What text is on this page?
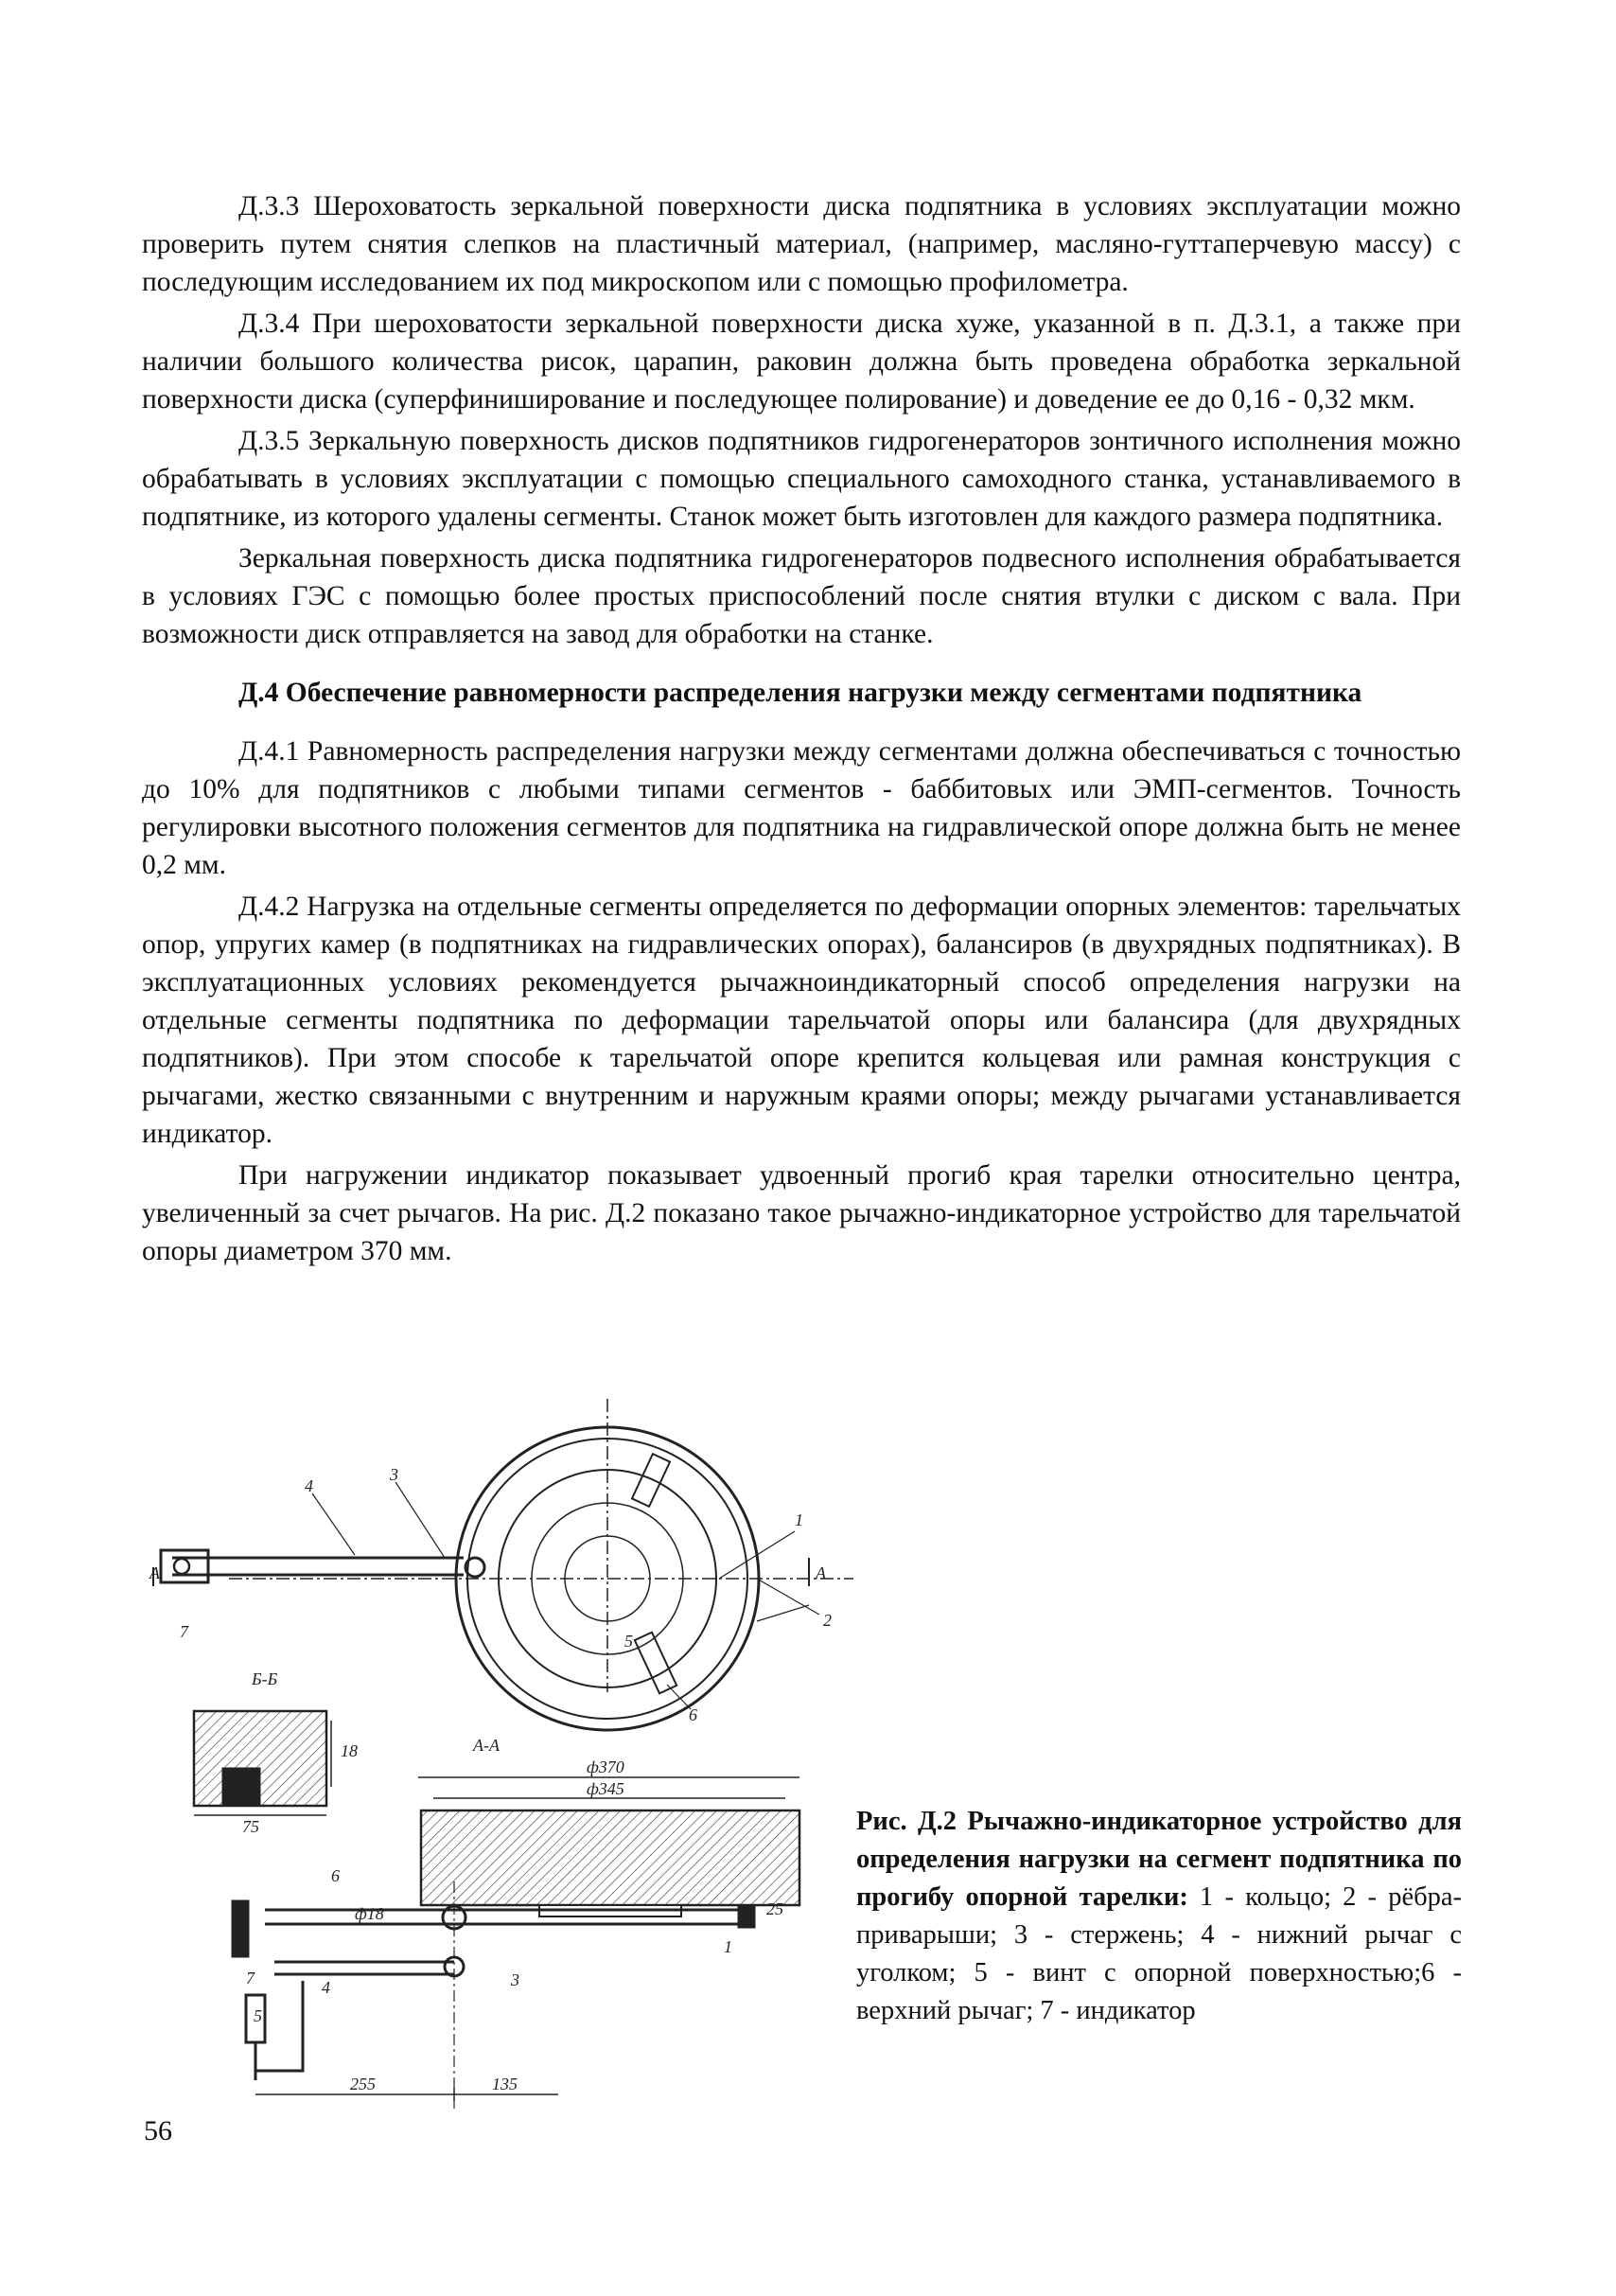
Д.3.3 Шероховатость зеркальной поверхности диска подпятника в условиях эксплуатации можно проверить путем снятия слепков на пластичный материал, (например, масляно-гуттаперчевую массу) с последующим исследованием их под микроскопом или с помощью профилометра.

Д.3.4 При шероховатости зеркальной поверхности диска хуже, указанной в п. Д.3.1, а также при наличии большого количества рисок, царапин, раковин должна быть проведена обработка зеркальной поверхности диска (суперфиниширование и последующее полирование) и доведение ее до 0,16 - 0,32 мкм.

Д.3.5 Зеркальную поверхность дисков подпятников гидрогенераторов зонтичного исполнения можно обрабатывать в условиях эксплуатации с помощью специального самоходного станка, устанавливаемого в подпятнике, из которого удалены сегменты. Станок может быть изготовлен для каждого размера подпятника.

Зеркальная поверхность диска подпятника гидрогенераторов подвесного исполнения обрабатывается в условиях ГЭС с помощью более простых приспособлений после снятия втулки с диском с вала. При возможности диск отправляется на завод для обработки на станке.

Д.4 Обеспечение равномерности распределения нагрузки между сегментами подпятника

Д.4.1 Равномерность распределения нагрузки между сегментами должна обеспечиваться с точностью до 10% для подпятников с любыми типами сегментов - баббитовых или ЭМП-сегментов. Точность регулировки высотного положения сегментов для подпятника на гидравлической опоре должна быть не менее 0,2 мм.

Д.4.2 Нагрузка на отдельные сегменты определяется по деформации опорных элементов: тарельчатых опор, упругих камер (в подпятниках на гидравлических опорах), балансиров (в двухрядных подпятниках). В эксплуатационных условиях рекомендуется рычажноиндикаторный способ определения нагрузки на отдельные сегменты подпятника по деформации тарельчатой опоры или балансира (для двухрядных подпятников). При этом способе к тарельчатой опоре крепится кольцевая или рамная конструкция с рычагами, жестко связанными с внутренним и наружным краями опоры; между рычагами устанавливается индикатор.

При нагружении индикатор показывает удвоенный прогиб края тарелки относительно центра, увеличенный за счет рычагов. На рис. Д.2 показано такое рычажно-индикаторное устройство для тарельчатой опоры диаметром 370 мм.

А	А
3
4
1
2
7	5
6
Б-Б
75
18	А-А
ф370
ф345
7
5
4
6
3
1
ф18	25
255	135
Рис. Д.2 Рычажно-индикаторное устройство для определения нагрузки на сегмент подпятника по прогибу опорной тарелки: 1 - кольцо; 2 - рёбра-приварыши; 3 - стержень; 4 - нижний рычаг с уголком; 5 - винт с опорной поверхностью;6 - верхний рычаг; 7 - индикатор
56
